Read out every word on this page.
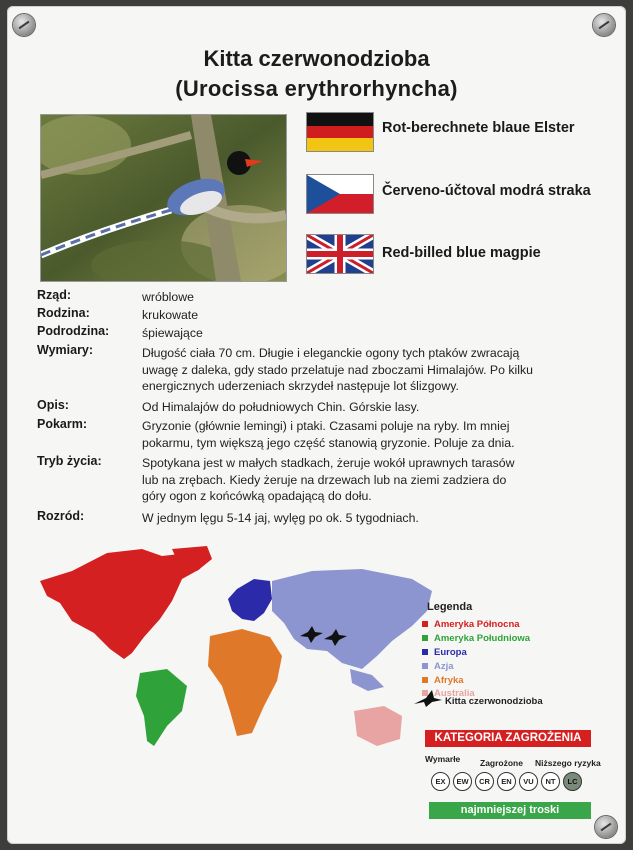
Kitta czerwonodzioba
(Urocissa erythrorhyncha)
Rot-berechnete blaue Elster
Červeno-účtoval modrá straka
Red-billed blue magpie
Rząd:	wróblowe
Rodzina:	krukowate
Podrodzina:	śpiewające
Wymiary:	Długość ciała 70 cm. Długie i eleganckie ogony tych ptaków zwracają
uwagę z daleka, gdy stado przelatuje nad zboczami Himalajów. Po kilku
energicznych uderzeniach skrzydeł następuje lot ślizgowy.
Opis:	Od Himalajów do południowych Chin. Górskie lasy.
Pokarm:	Gryzonie (głównie lemingi) i ptaki. Czasami poluje na ryby. Im mniej
pokarmu, tym większą jego część stanowią gryzonie. Poluje za dnia.
Tryb życia:	Spotykana jest w małych stadkach, żeruje wokół uprawnych tarasów
lub na zrębach. Kiedy żeruje na drzewach lub na ziemi zadziera do
góry ogon z końcówką opadającą do dołu.
Rozród:	W jednym lęgu 5-14 jaj, wylęg po ok. 5 tygodniach.
Legenda
Ameryka Północna
Ameryka Południowa
Europa
Azja
Afryka
Australia
Kitta czerwonodzioba
KATEGORIA ZAGROŻENIA
Wymarłe Zagrożone Niższego ryzyka
EX	EW	CR	EN	VU	NT	LC
najmniejszej troski
